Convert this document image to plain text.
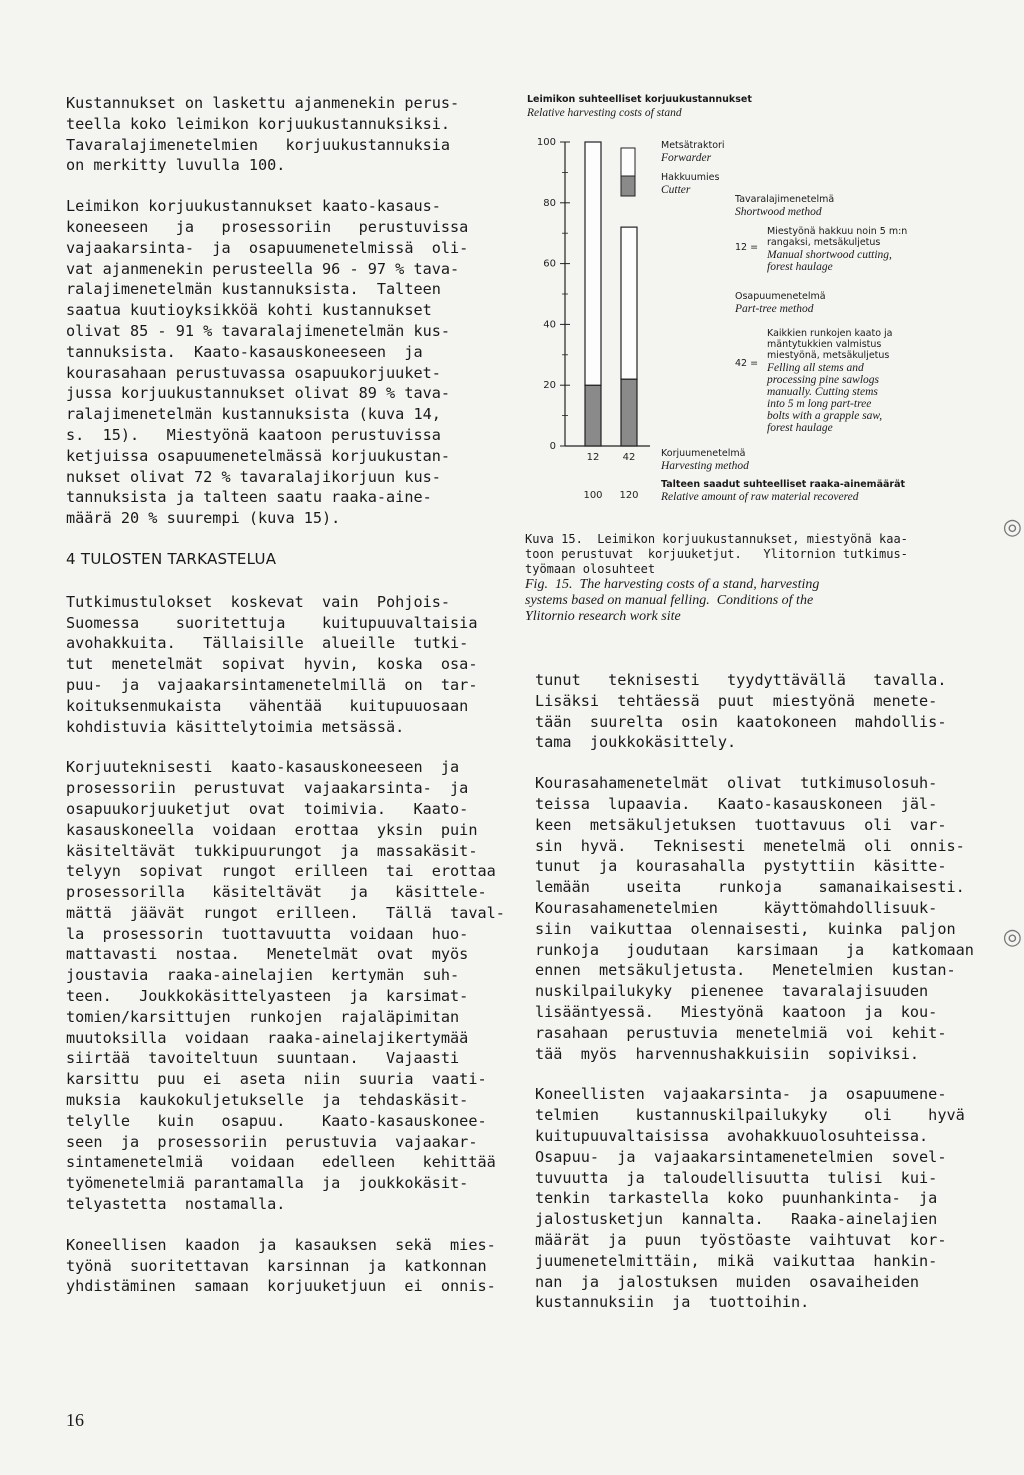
Kustannukset on laskettu ajanmenekin perus-
teella koko leimikon korjuukustannuksiksi.
Tavaralajimenetelmien   korjuukustannuksia
on merkitty luvulla 100.

Leimikon korjuukustannukset kaato-kasaus-
koneeseen   ja   prosessoriin   perustuvissa
vajaakarsinta-  ja  osapuumenetelmissä  oli-
vat ajanmenekin perusteella 96 - 97 % tava-
ralajimenetelmän kustannuksista.  Talteen
saatua kuutioyksikköä kohti kustannukset
olivat 85 - 91 % tavaralajimenetelmän kus-
tannuksista.  Kaato-kasauskoneeseen  ja
kourasahaan perustuvassa osapuukorjuuket-
jussa korjuukustannukset olivat 89 % tava-
ralajimenetelmän kustannuksista (kuva 14,
s.  15).   Miestyönä kaatoon perustuvissa
ketjuissa osapuumenetelmässä korjuukustan-
nukset olivat 72 % tavaralajikorjuun kus-
tannuksista ja talteen saatu raaka-aine-
määrä 20 % suurempi (kuva 15).

4 TULOSTEN TARKASTELUA

Tutkimustulokset  koskevat  vain  Pohjois-
Suomessa    suoritettuja    kuitupuuvaltaisia
avohakkuita.   Tällaisille  alueille  tutki-
tut  menetelmät  sopivat  hyvin,  koska  osa-
puu-  ja  vajaakarsintamenetelmillä  on  tar-
koituksenmukaista   vähentää   kuitupuuosaan
kohdistuvia käsittelytoimia metsässä.

Korjuuteknisesti  kaato-kasauskoneeseen  ja
prosessoriin  perustuvat  vajaakarsinta-  ja
osapuukorjuuketjut  ovat  toimivia.   Kaato-
kasauskoneella  voidaan  erottaa  yksin  puin
käsiteltävät  tukkipuurungot  ja  massakäsit-
telyyn  sopivat  rungot  erilleen  tai  erottaa
prosessorilla   käsiteltävät   ja   käsittele-
mättä  jäävät  rungot  erilleen.   Tällä  taval-
la  prosessorin  tuottavuutta  voidaan  huo-
mattavasti  nostaa.   Menetelmät  ovat  myös
joustavia  raaka-ainelajien  kertymän  suh-
teen.   Joukkokäsittelyasteen  ja  karsimat-
tomien/karsittujen  runkojen  rajaläpimitan
muutoksilla  voidaan  raaka-ainelajikertymää
siirtää  tavoiteltuun  suuntaan.   Vajaasti
karsittu  puu  ei  aseta  niin  suuria  vaati-
muksia  kaukokuljetukselle  ja  tehdaskäsit-
telylle   kuin   osapuu.    Kaato-kasauskonee-
seen  ja  prosessoriin  perustuvia  vajaakar-
sintamenetelmiä   voidaan   edelleen   kehittää
työmenetelmiä parantamalla  ja  joukkokäsit-
telyastetta  nostamalla.

Koneellisen  kaadon  ja  kasauksen  sekä  mies-
työnä  suoritettavan  karsinnan  ja  katkonnan
yhdistäminen  samaan  korjuuketjuun  ei  onnis-

Leimikon suhteelliset korjuukustannukset
Relative harvesting costs of stand
0
20
40
60
80
100
12
100
42
120
Metsätraktori
Forwarder
Hakkuumies
Cutter
Tavaralajimenetelmä
Shortwood method
12 =
Miestyönä hakkuu noin 5 m:n
rangaksi, metsäkuljetus
Manual shortwood cutting,
forest haulage
Osapuumenetelmä
Part-tree method
42 =
Kaikkien runkojen kaato ja
mäntytukkien valmistus
miestyönä, metsäkuljetus
Felling all stems and
processing pine sawlogs
manually. Cutting stems
into 5 m long part-tree
bolts with a grapple saw,
forest haulage
Korjuumenetelmä
Harvesting method
Talteen saadut suhteelliset raaka-ainemäärät
Relative amount of raw material recovered
Kuva 15.  Leimikon korjuukustannukset, miestyönä kaa-
toon perustuvat  korjuuketjut.   Ylitornion tutkimus-
työmaan olosuhteet
Fig.  15.  The harvesting costs of a stand, harvesting
systems based on manual felling.  Conditions of the
Ylitornio research work site

tunut   teknisesti   tyydyttävällä   tavalla.
Lisäksi  tehtäessä  puut  miestyönä  menete-
tään  suurelta  osin  kaatokoneen  mahdollis-
tama  joukkokäsittely.

Kourasahamenetelmät  olivat  tutkimusolosuh-
teissa  lupaavia.   Kaato-kasauskoneen  jäl-
keen  metsäkuljetuksen  tuottavuus  oli  var-
sin  hyvä.   Teknisesti  menetelmä  oli  onnis-
tunut  ja  kourasahalla  pystyttiin  käsitte-
lemään    useita    runkoja    samanaikaisesti.
Kourasahamenetelmien     käyttömahdollisuuk-
siin  vaikuttaa  olennaisesti,  kuinka  paljon
runkoja   joudutaan   karsimaan   ja   katkomaan
ennen  metsäkuljetusta.   Menetelmien  kustan-
nuskilpailukyky  pienenee  tavaralajisuuden
lisääntyessä.   Miestyönä  kaatoon  ja  kou-
rasahaan  perustuvia  menetelmiä  voi  kehit-
tää  myös  harvennushakkuisiin  sopiviksi.

Koneellisten  vajaakarsinta-  ja  osapuumene-
telmien    kustannuskilpailukyky    oli    hyvä
kuitupuuvaltaisissa  avohakkuuolosuhteissa.
Osapuu-  ja  vajaakarsintamenetelmien  sovel-
tuvuutta  ja  taloudellisuutta  tulisi  kui-
tenkin  tarkastella  koko  puunhankinta-  ja
jalostusketjun  kannalta.   Raaka-ainelajien
määrät  ja  puun  työstöaste  vaihtuvat  kor-
juumenetelmittäin,  mikä  vaikuttaa  hankin-
nan  ja  jalostuksen  muiden  osavaiheiden
kustannuksiin  ja  tuottoihin.

◎
◎
16
